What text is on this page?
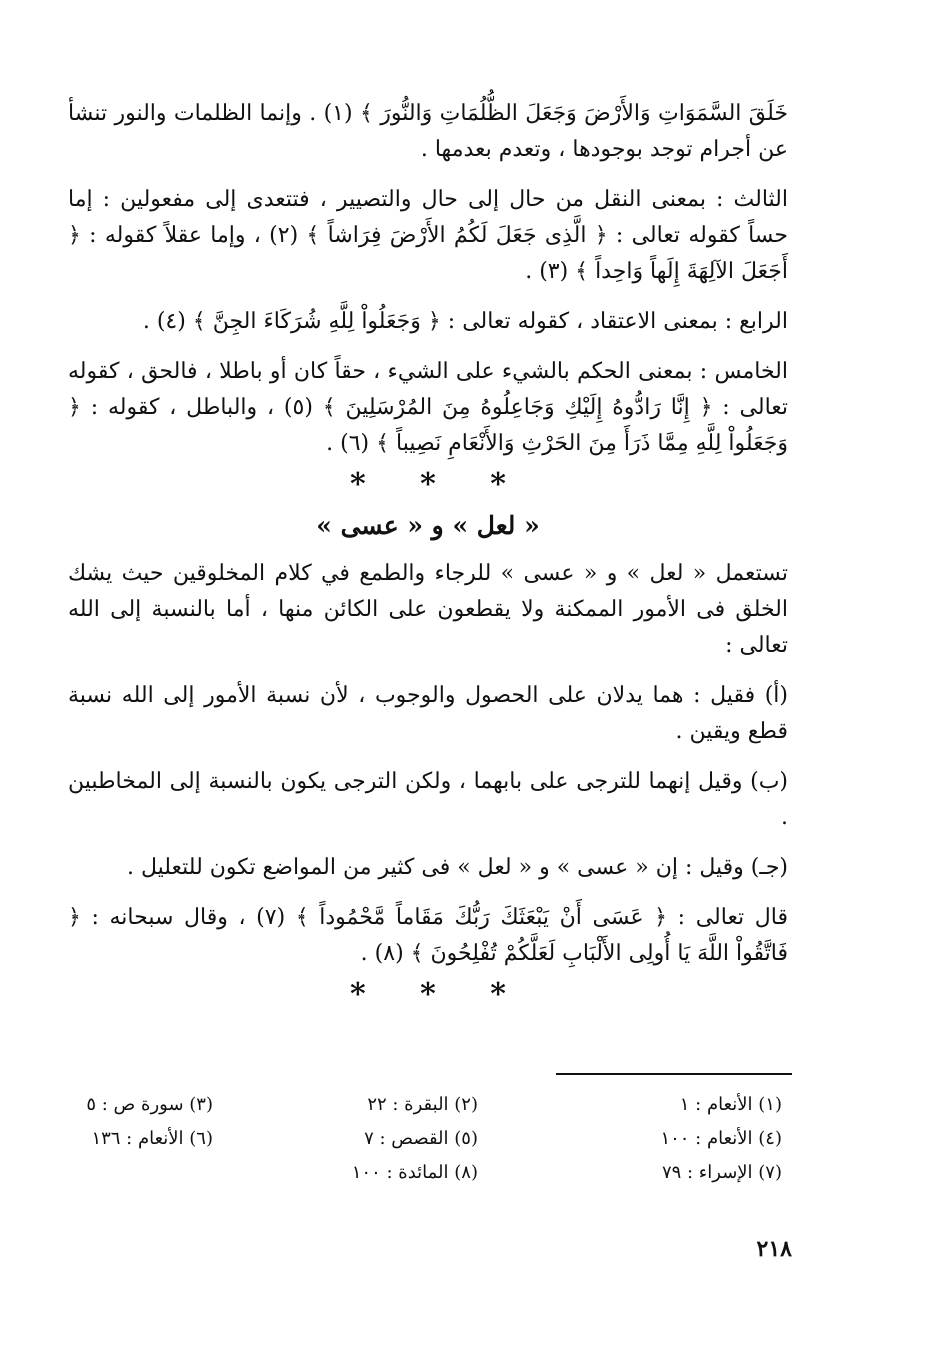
خَلَقَ السَّمَوَاتِ وَالأَرْضَ وَجَعَلَ الظُّلُمَاتِ وَالنُّورَ ﴾ (١) . وإنما الظلمات والنور تنشأ عن أجرام توجد بوجودها ، وتعدم بعدمها .

الثالث : بمعنى النقل من حال إلى حال والتصيير ، فتتعدى إلى مفعولين : إما حساً كقوله تعالى : ﴿ الَّذِى جَعَلَ لَكُمُ الأَرْضَ فِرَاشاً ﴾ (٢) ، وإما عقلاً كقوله : ﴿ أَجَعَلَ الآلِهَةَ إِلَهاً وَاحِداً ﴾ (٣) .

الرابع : بمعنى الاعتقاد ، كقوله تعالى : ﴿ وَجَعَلُواْ لِلَّهِ شُرَكَاءَ الجِنَّ ﴾ (٤) .

الخامس : بمعنى الحكم بالشيء على الشيء ، حقاً كان أو باطلا ، فالحق ، كقوله تعالى : ﴿ إِنَّا رَادُّوهُ إِلَيْكِ وَجَاعِلُوهُ مِنَ المُرْسَلِينَ ﴾ (٥) ، والباطل ، كقوله : ﴿ وَجَعَلُواْ لِلَّهِ مِمَّا ذَرَأَ مِنَ الحَرْثِ وَالأَنْعَامِ نَصِيباً ﴾ (٦) .

* * *
« لعل » و « عسى »

تستعمل « لعل » و « عسى » للرجاء والطمع في كلام المخلوقين حيث يشك الخلق فى الأمور الممكنة ولا يقطعون على الكائن منها ، أما بالنسبة إلى الله تعالى :

(أ) فقيل : هما يدلان على الحصول والوجوب ، لأن نسبة الأمور إلى الله نسبة قطع ويقين .

(ب) وقيل إنهما للترجى على بابهما ، ولكن الترجى يكون بالنسبة إلى المخاطبين .

(جـ) وقيل : إن « عسى » و « لعل » فى كثير من المواضع تكون للتعليل .

قال تعالى : ﴿ عَسَى أَنْ يَبْعَثَكَ رَبُّكَ مَقَاماً مَّحْمُوداً ﴾ (٧) ، وقال سبحانه : ﴿ فَاتَّقُواْ اللَّهَ يَا أُولِى الأَلْبَابِ لَعَلَّكُمْ تُفْلِحُونَ ﴾ (٨) .

* * *
(١) الأنعام : ١
(٢) البقرة : ٢٢
(٣) سورة ص : ٥
(٤) الأنعام : ١٠٠
(٥) القصص : ٧
(٦) الأنعام : ١٣٦
(٧) الإسراء : ٧٩
(٨) المائدة : ١٠٠
٢١٨
